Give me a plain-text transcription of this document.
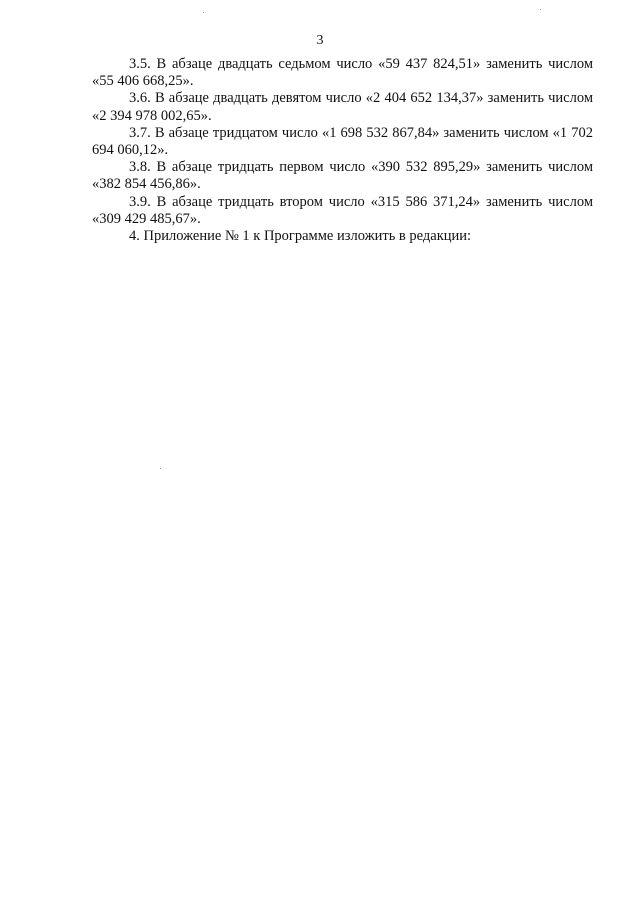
3

3.5. В абзаце двадцать седьмом число «59 437 824,51» заменить числом «55 406 668,25».

3.6. В абзаце двадцать девятом число «2 404 652 134,37» заменить числом «2 394 978 002,65».

3.7. В абзаце тридцатом число «1 698 532 867,84» заменить числом «1 702 694 060,12».

3.8. В абзаце тридцать первом число «390 532 895,29» заменить числом «382 854 456,86».

3.9. В абзаце тридцать втором число «315 586 371,24» заменить числом «309 429 485,67».

4. Приложение № 1 к Программе изложить в редакции:
